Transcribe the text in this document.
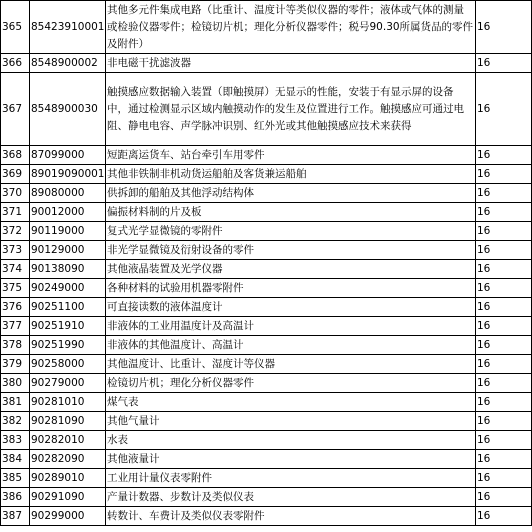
365	85423910001	其他多元件集成电路（比重计、温度计等类似仪器的零件；液体或气体的测量或检验仪器零件；检镜切片机；理化分析仪器零件；税号90.30所属货品的零件及附件）	16
366	8548900002	非电磁干扰滤波器	16
367	8548900030	触摸感应数据输入装置（即触摸屏）无显示的性能，安装于有显示屏的设备中，通过检测显示区域内触摸动作的发生及位置进行工作。触摸感应可通过电阻、静电电容、声学脉冲识别、红外光或其他触摸感应技术来获得	16
368	87099000	短距离运货车、站台牵引车用零件	16
369	89019090001	其他非铁制非机动货运船舶及客货兼运船舶	16
370	89080000	供拆卸的船舶及其他浮动结构体	16
371	90012000	偏振材料制的片及板	16
372	90119000	复式光学显微镜的零附件	16
373	90129000	非光学显微镜及衍射设备的零件	16
374	90138090	其他液晶装置及光学仪器	16
375	90249000	各种材料的试验用机器零附件	16
376	90251100	可直接读数的液体温度计	16
377	90251910	非液体的工业用温度计及高温计	16
378	90251990	非液体的其他温度计、高温计	16
379	90258000	其他温度计、比重计、湿度计等仪器	16
380	90279000	检镜切片机；理化分析仪器零件	16
381	90281010	煤气表	16
382	90281090	其他气量计	16
383	90282010	水表	16
384	90282090	其他液量计	16
385	90289010	工业用计量仪表零附件	16
386	90291090	产量计数器、步数计及类似仪表	16
387	90299000	转数计、车费计及类似仪表零附件	16
